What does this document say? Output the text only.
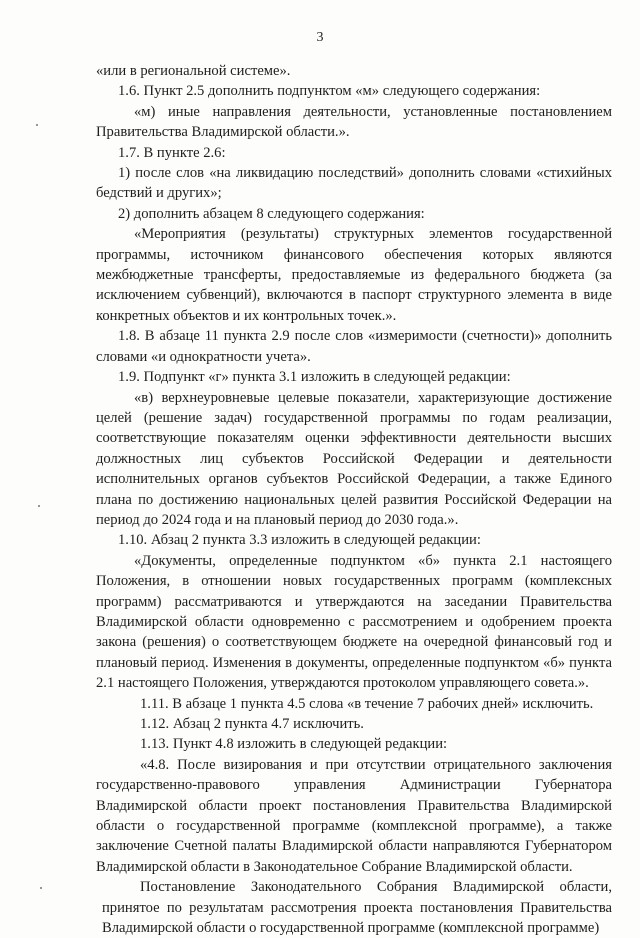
3

«или в региональной системе».

1.6. Пункт 2.5 дополнить подпунктом «м» следующего содержания:

«м) иные направления деятельности, установленные постановлением Правительства Владимирской области.».

1.7. В пункте 2.6:

1) после слов «на ликвидацию последствий» дополнить словами «стихийных бедствий и других»;

2) дополнить абзацем 8 следующего содержания:

«Мероприятия (результаты) структурных элементов государственной программы, источником финансового обеспечения которых являются межбюджетные трансферты, предоставляемые из федерального бюджета (за исключением субвенций), включаются в паспорт структурного элемента в виде конкретных объектов и их контрольных точек.».

1.8. В абзаце 11 пункта 2.9 после слов «измеримости (счетности)» дополнить словами «и однократности учета».

1.9. Подпункт «г» пункта 3.1 изложить в следующей редакции:

«в) верхнеуровневые целевые показатели, характеризующие достижение целей (решение задач) государственной программы по годам реализации, соответствующие показателям оценки эффективности деятельности высших должностных лиц субъектов Российской Федерации и деятельности исполнительных органов субъектов Российской Федерации, а также Единого плана по достижению национальных целей развития Российской Федерации на период до 2024 года и на плановый период до 2030 года.».

1.10. Абзац 2 пункта 3.3 изложить в следующей редакции:

«Документы, определенные подпунктом «б» пункта 2.1 настоящего Положения, в отношении новых государственных программ (комплексных программ) рассматриваются и утверждаются на заседании Правительства Владимирской области одновременно с рассмотрением и одобрением проекта закона (решения) о соответствующем бюджете на очередной финансовый год и плановый период. Изменения в документы, определенные подпунктом «б» пункта 2.1 настоящего Положения, утверждаются протоколом управляющего совета.».

1.11. В абзаце 1 пункта 4.5 слова «в течение 7 рабочих дней» исключить.

1.12. Абзац 2 пункта 4.7 исключить.

1.13. Пункт 4.8 изложить в следующей редакции:

«4.8. После визирования и при отсутствии отрицательного заключения государственно-правового управления Администрации Губернатора Владимирской области проект постановления Правительства Владимирской области о государственной программе (комплексной программе), а также заключение Счетной палаты Владимирской области направляются Губернатором Владимирской области в Законодательное Собрание Владимирской области.

Постановление Законодательного Собрания Владимирской области, принятое по результатам рассмотрения проекта постановления Правительства Владимирской области о государственной программе (комплексной программе)
